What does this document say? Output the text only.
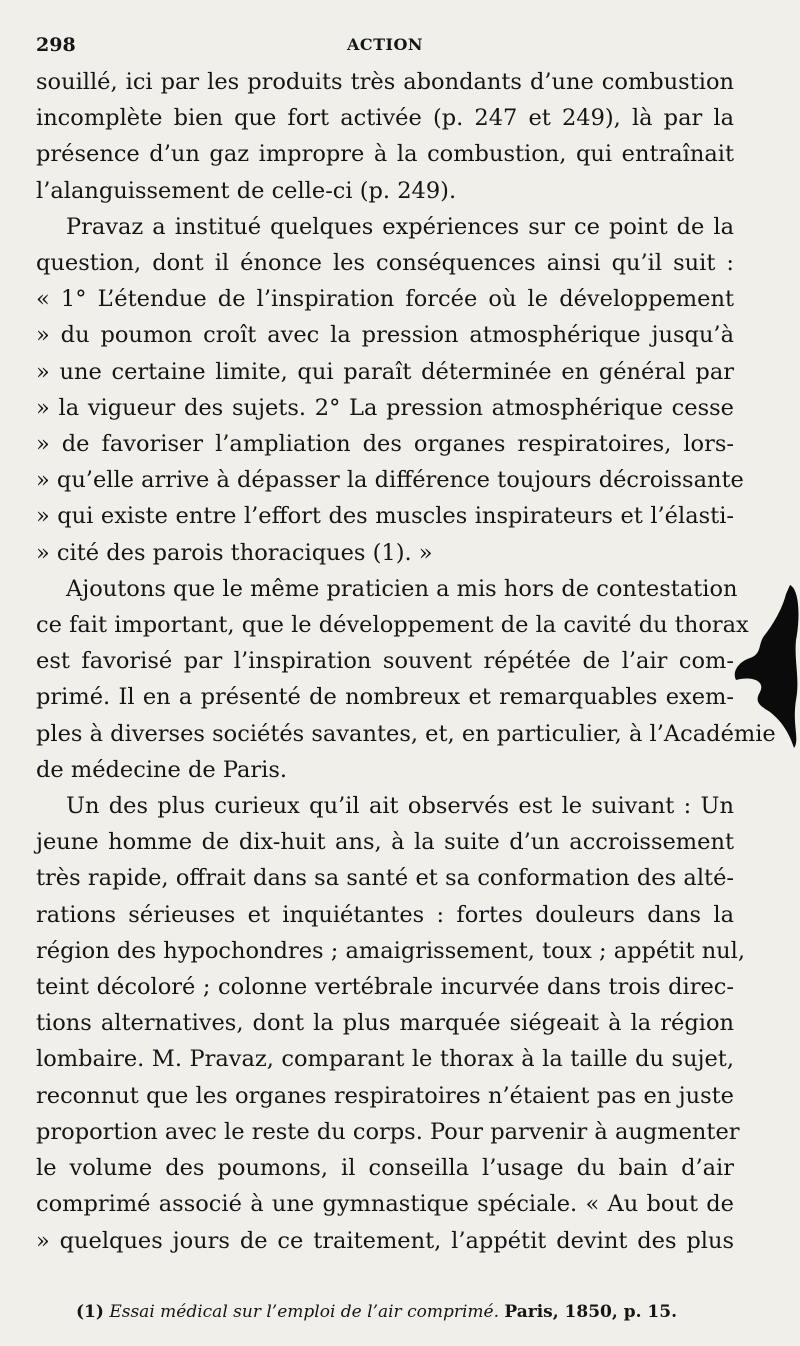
298	ACTION
souillé, ici par les produits très abondants d’une combustion
incomplète bien que fort activée (p. 247 et 249), là par la
présence d’un gaz impropre à la combustion, qui entraînait
l’alanguissement de celle-ci (p. 249).
Pravaz a institué quelques expériences sur ce point de la
question, dont il énonce les conséquences ainsi qu’il suit :
« 1° L’étendue de l’inspiration forcée où le développement
» du poumon croît avec la pression atmosphérique jusqu’à
» une certaine limite, qui paraît déterminée en général par
» la vigueur des sujets. 2° La pression atmosphérique cesse
» de favoriser l’ampliation des organes respiratoires, lors-
» qu’elle arrive à dépasser la différence toujours décroissante
» qui existe entre l’effort des muscles inspirateurs et l’élasti-
» cité des parois thoraciques (1). »
Ajoutons que le même praticien a mis hors de contestation
ce fait important, que le développement de la cavité du thorax
est favorisé par l’inspiration souvent répétée de l’air com-
primé. Il en a présenté de nombreux et remarquables exem-
ples à diverses sociétés savantes, et, en particulier, à l’Académie
de médecine de Paris.
Un des plus curieux qu’il ait observés est le suivant : Un
jeune homme de dix-huit ans, à la suite d’un accroissement
très rapide, offrait dans sa santé et sa conformation des alté-
rations sérieuses et inquiétantes : fortes douleurs dans la
région des hypochondres ; amaigrissement, toux ; appétit nul,
teint décoloré ; colonne vertébrale incurvée dans trois direc-
tions alternatives, dont la plus marquée siégeait à la région
lombaire. M. Pravaz, comparant le thorax à la taille du sujet,
reconnut que les organes respiratoires n’étaient pas en juste
proportion avec le reste du corps. Pour parvenir à augmenter
le volume des poumons, il conseilla l’usage du bain d’air
comprimé associé à une gymnastique spéciale. « Au bout de
» quelques jours de ce traitement, l’appétit devint des plus
(1) Essai médical sur l’emploi de l’air comprimé. Paris, 1850, p. 15.
